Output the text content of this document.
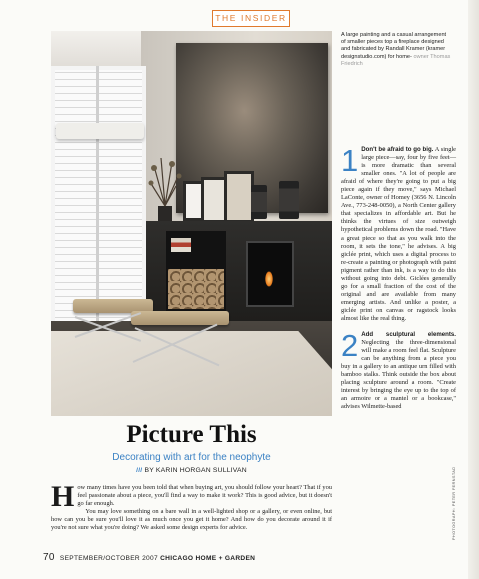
THE INSIDER
A large painting and a casual arrangement of smaller pieces top a fireplace designed and fabricated by Randall Kramer (kramer designstudio.com) for home- owner Thomas Friedrich
1 Don't be afraid to go big. A single large piece—say, four by five feet—is more dramatic than several smaller ones. "A lot of people are afraid of where they're going to put a big piece again if they move," says Michael LaConte, owner of Homey (3656 N. Lincoln Ave., 773-248-0050), a North Center gallery that specializes in affordable art. But he thinks the virtues of size outweigh hypothetical problems down the road. "Have a great piece so that as you walk into the room, it sets the tone," he advises. A big giclée print, which uses a digital process to re-create a painting or photograph with paint pigment rather than ink, is a way to do this without going into debt. Giclées generally go for a small fraction of the cost of the original and are available from many emerging artists. And unlike a poster, a giclée print on canvas or ragstock looks almost like the real thing.

2 Add sculptural elements. Neglecting the three-dimensional will make a room feel flat. Sculpture can be anything from a piece you buy in a gallery to an antique urn filled with bamboo stalks. Think outside the box about placing sculpture around a room. "Create interest by bringing the eye up to the top of an armoire or a mantel or a bookcase," advises Wilmette-based

Picture This
Decorating with art for the neophyte
/// BY KARIN HORGAN SULLIVAN
H ow many times have you been told that when buying art, you should follow your heart? That if you feel passionate about a piece, you'll find a way to make it work? This is good advice, but it doesn't go far enough.

You may love something on a bare wall in a well-lighted shop or a gallery, or even online, but how can you be sure you'll love it as much once you get it home? And how do you decorate around it if you're not sure what you're doing? We asked some design experts for advice.

70 SEPTEMBER/OCTOBER 2007 CHICAGO HOME + GARDEN
PHOTOGRAPH: PETER FERNSTAD
